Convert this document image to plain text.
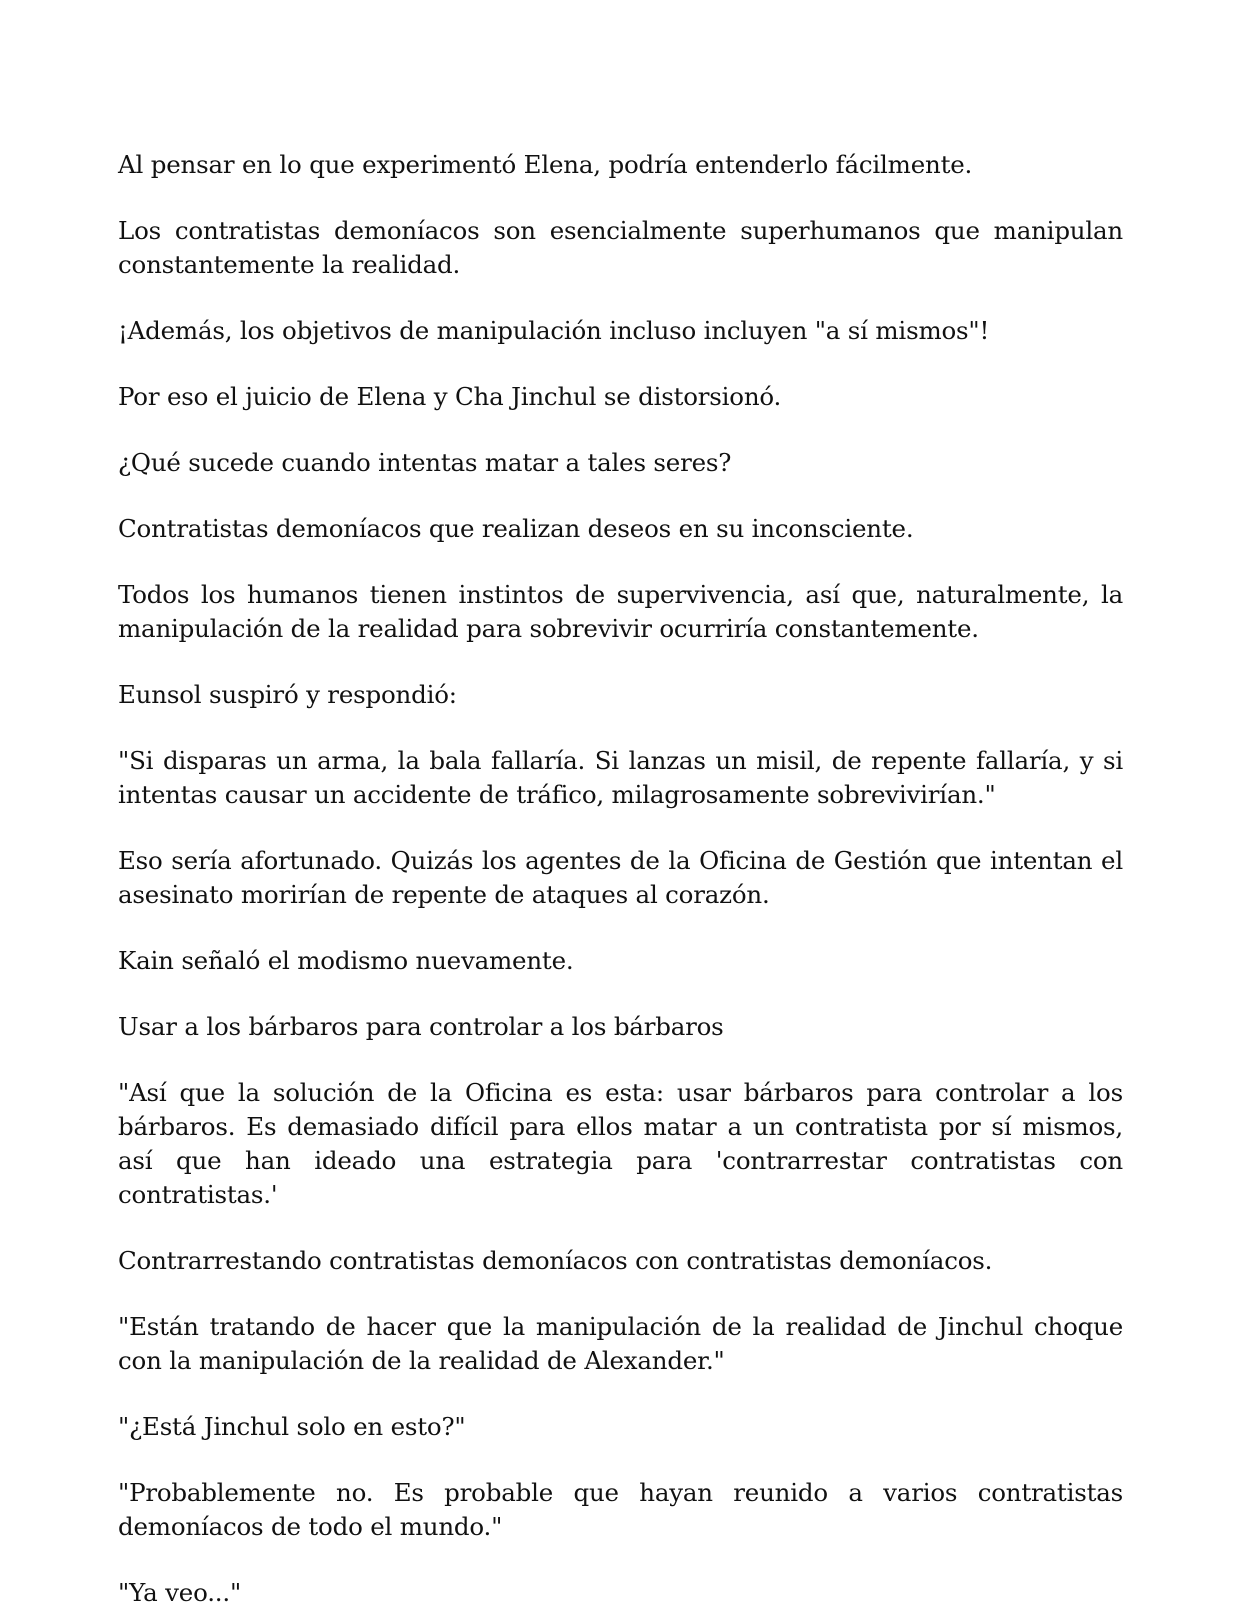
Al pensar en lo que experimentó Elena, podría entenderlo fácilmente.

Los contratistas demoníacos son esencialmente superhumanos que manipulan constantemente la realidad.

¡Además, los objetivos de manipulación incluso incluyen "a sí mismos"!

Por eso el juicio de Elena y Cha Jinchul se distorsionó.

¿Qué sucede cuando intentas matar a tales seres?

Contratistas demoníacos que realizan deseos en su inconsciente.

Todos los humanos tienen instintos de supervivencia, así que, naturalmente, la manipulación de la realidad para sobrevivir ocurriría constantemente.

Eunsol suspiró y respondió:

"Si disparas un arma, la bala fallaría. Si lanzas un misil, de repente fallaría, y si intentas causar un accidente de tráfico, milagrosamente sobrevivirían."

Eso sería afortunado. Quizás los agentes de la Oficina de Gestión que intentan el asesinato morirían de repente de ataques al corazón.

Kain señaló el modismo nuevamente.

Usar a los bárbaros para controlar a los bárbaros

"Así que la solución de la Oficina es esta: usar bárbaros para controlar a los bárbaros. Es demasiado difícil para ellos matar a un contratista por sí mismos, así que han ideado una estrategia para 'contrarrestar contratistas con contratistas.'

Contrarrestando contratistas demoníacos con contratistas demoníacos.

"Están tratando de hacer que la manipulación de la realidad de Jinchul choque con la manipulación de la realidad de Alexander."

"¿Está Jinchul solo en esto?"

"Probablemente no. Es probable que hayan reunido a varios contratistas demoníacos de todo el mundo."

"Ya veo..."
